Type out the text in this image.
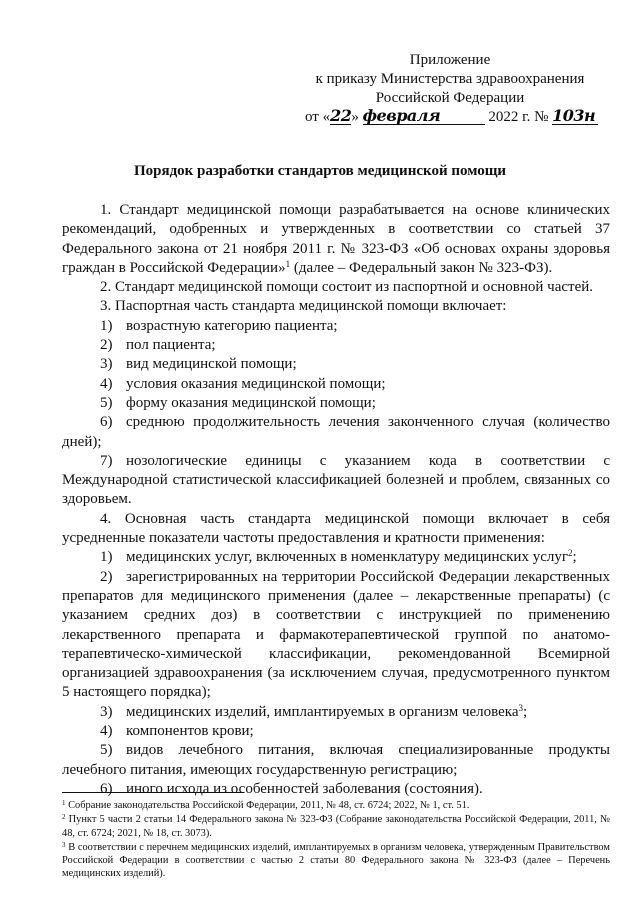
Приложение
к приказу Министерства здравоохранения
Российской Федерации
от «22» февраля	2022 г. № 103н
Порядок разработки стандартов медицинской помощи

1. Стандарт медицинской помощи разрабатывается на основе клинических рекомендаций, одобренных и утвержденных в соответствии со статьей 37 Федерального закона от 21 ноября 2011 г. № 323-ФЗ «Об основах охраны здоровья граждан в Российской Федерации»$^1$ (далее – Федеральный закон № 323-ФЗ).

2. Стандарт медицинской помощи состоит из паспортной и основной частей.

3. Паспортная часть стандарта медицинской помощи включает:

1) возрастную категорию пациента;

2) пол пациента;

3) вид медицинской помощи;

4) условия оказания медицинской помощи;

5) форму оказания медицинской помощи;

6) среднюю продолжительность лечения законченного случая (количество дней);

7) нозологические единицы с указанием кода в соответствии с Международной статистической классификацией болезней и проблем, связанных со здоровьем.

4. Основная часть стандарта медицинской помощи включает в себя усредненные показатели частоты предоставления и кратности применения:

1) медицинских услуг, включенных в номенклатуру медицинских услуг$^2$;

2) зарегистрированных на территории Российской Федерации лекарственных препаратов для медицинского применения (далее – лекарственные препараты) (с указанием средних доз) в соответствии с инструкцией по применению лекарственного препарата и фармакотерапевтической группой по анатомо-терапевтическо-химической классификации, рекомендованной Всемирной организацией здравоохранения (за исключением случая, предусмотренного пунктом 5 настоящего порядка);

3) медицинских изделий, имплантируемых в организм человека$^3$;

4) компонентов крови;

5) видов лечебного питания, включая специализированные продукты лечебного питания, имеющих государственную регистрацию;

6) иного исхода из особенностей заболевания (состояния).

$^1$ Собрание законодательства Российской Федерации, 2011, № 48, ст. 6724; 2022, № 1, ст. 51.

$^2$ Пункт 5 части 2 статьи 14 Федерального закона № 323-ФЗ (Собрание законодательства Российской Федерации, 2011, № 48, ст. 6724; 2021, № 18, ст. 3073).

$^3$ В соответствии с перечнем медицинских изделий, имплантируемых в организм человека, утвержденным Правительством Российской Федерации в соответствии с частью 2 статьи 80 Федерального закона № 323-ФЗ (далее – Перечень медицинских изделий).
